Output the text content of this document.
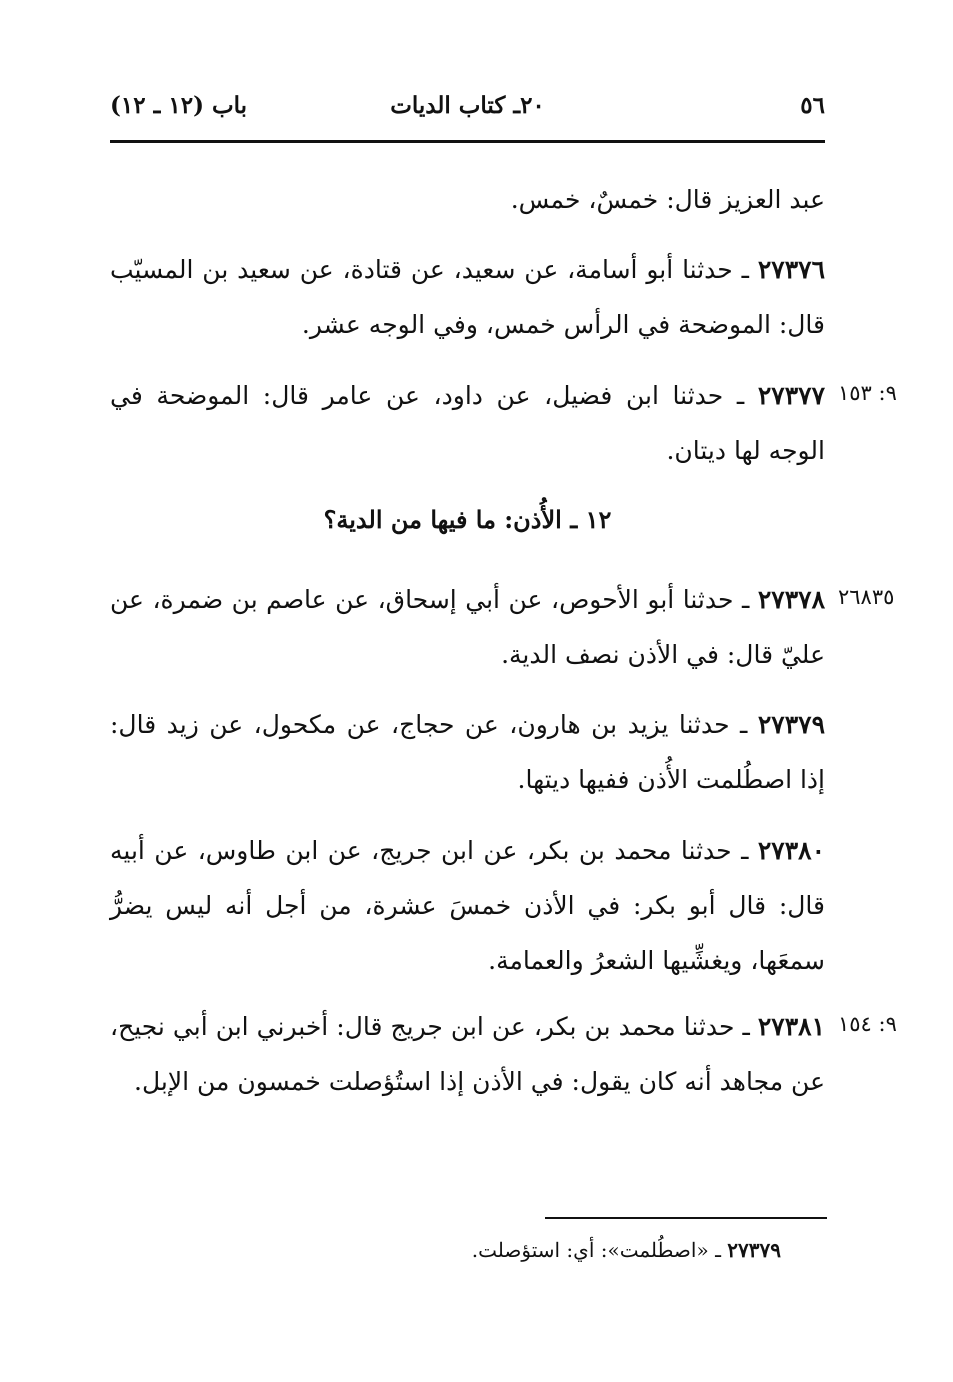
٥٦
٢٠ـ كتاب الديات
باب (١٢ ـ ١٢)
عبد العزيز قال: خمسٌ، خمس.
٢٧٣٧٦ ـ حدثنا أبو أسامة، عن سعيد، عن قتادة، عن سعيد بن المسيّب قال: الموضحة في الرأس خمس، وفي الوجه عشر.
٩: ١٥٣
٢٧٣٧٧ ـ حدثنا ابن فضيل، عن داود، عن عامر قال: الموضحة في الوجه لها ديتان.
١٢ ـ الأُذن: ما فيها من الدية؟
٢٦٨٣٥
٢٧٣٧٨ ـ حدثنا أبو الأحوص، عن أبي إسحاق، عن عاصم بن ضمرة، عن عليّ قال: في الأذن نصف الدية.
٢٧٣٧٩ ـ حدثنا يزيد بن هارون، عن حجاج، عن مكحول، عن زيد قال: إذا اصطُلمت الأُذن ففيها ديتها.
٢٧٣٨٠ ـ حدثنا محمد بن بكر، عن ابن جريج، عن ابن طاوس، عن أبيه قال: قال أبو بكر: في الأذن خمسَ عشرة، من أجل أنه ليس يضرُّ سمعَها، ويغشِّيها الشعرُ والعمامة.
٩: ١٥٤
٢٧٣٨١ ـ حدثنا محمد بن بكر، عن ابن جريج قال: أخبرني ابن أبي نجيح، عن مجاهد أنه كان يقول: في الأذن إذا استُؤصلت خمسون من الإبل.
٢٧٣٧٩ ـ «اصطُلمت»: أي: استؤصلت.
